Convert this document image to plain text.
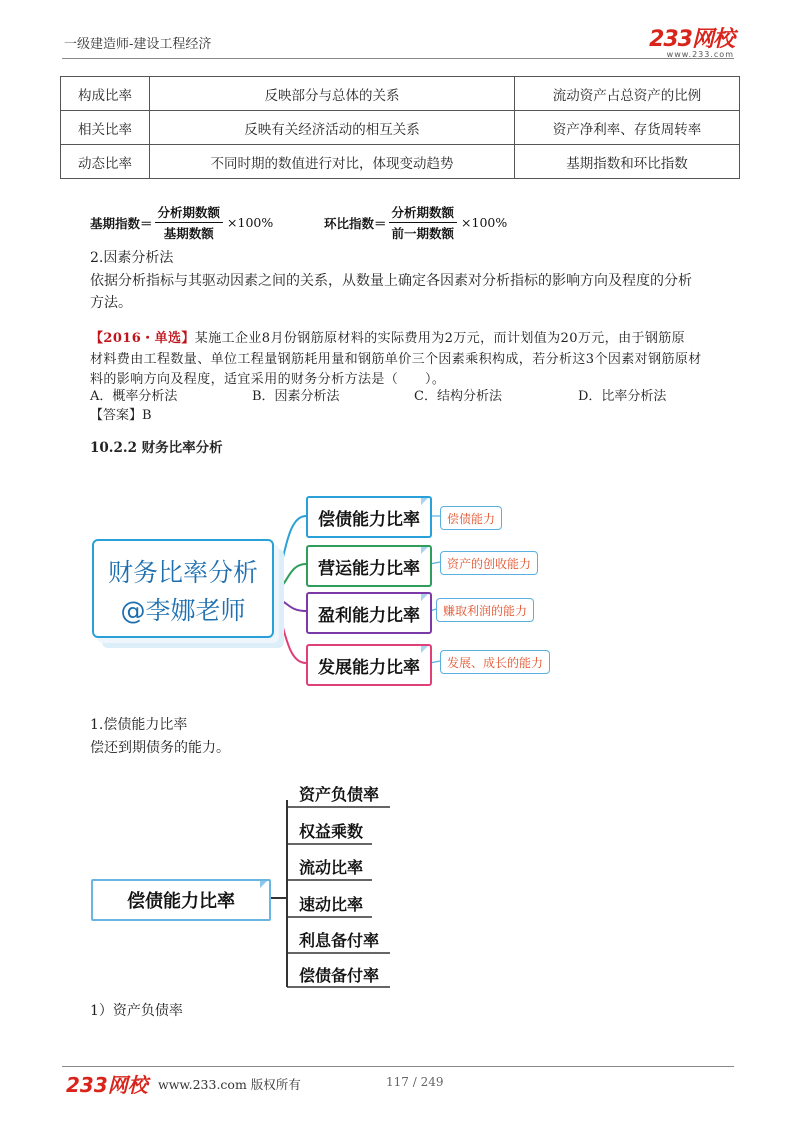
一级建造师-建设工程经济	233网校
www.233.com
构成比率	反映部分与总体的关系	流动资产占总资产的比例
相关比率	反映有关经济活动的相互关系	资产净利率、存货周转率
动态比率	不同时期的数值进行对比，体现变动趋势	基期指数和环比指数
基期指数＝ $\frac{\text{分析期数额}}{\text{基期数额}} \times 100\%$	环比指数＝ $\frac{\text{分析期数额}}{\text{前一期数额}} \times 100\%$
2.因素分析法
依据分析指标与其驱动因素之间的关系，从数量上确定各因素对分析指标的影响方向及程度的分析
方法。
【2016・单选】某施工企业8月份钢筋原材料的实际费用为2万元，而计划值为20万元，由于钢筋原
材料费由工程数量、单位工程量钢筋耗用量和钢筋单价三个因素乘积构成，若分析这3个因素对钢筋原材
料的影响方向及程度，适宜采用的财务分析方法是（　　）。
A．概率分析法	B．因素分析法	C．结构分析法	D．比率分析法
【答案】B
10.2.2 财务比率分析
财务比率分析
@李娜老师
偿债能力比率
营运能力比率
盈利能力比率
发展能力比率
偿债能力
资产的创收能力
赚取利润的能力
发展、成长的能力
1.偿债能力比率
偿还到期债务的能力。
偿债能力比率
资产负债率
权益乘数
流动比率
速动比率
利息备付率
偿债备付率
1）资产负债率
233网校 www.233.com 版权所有	117 / 249
